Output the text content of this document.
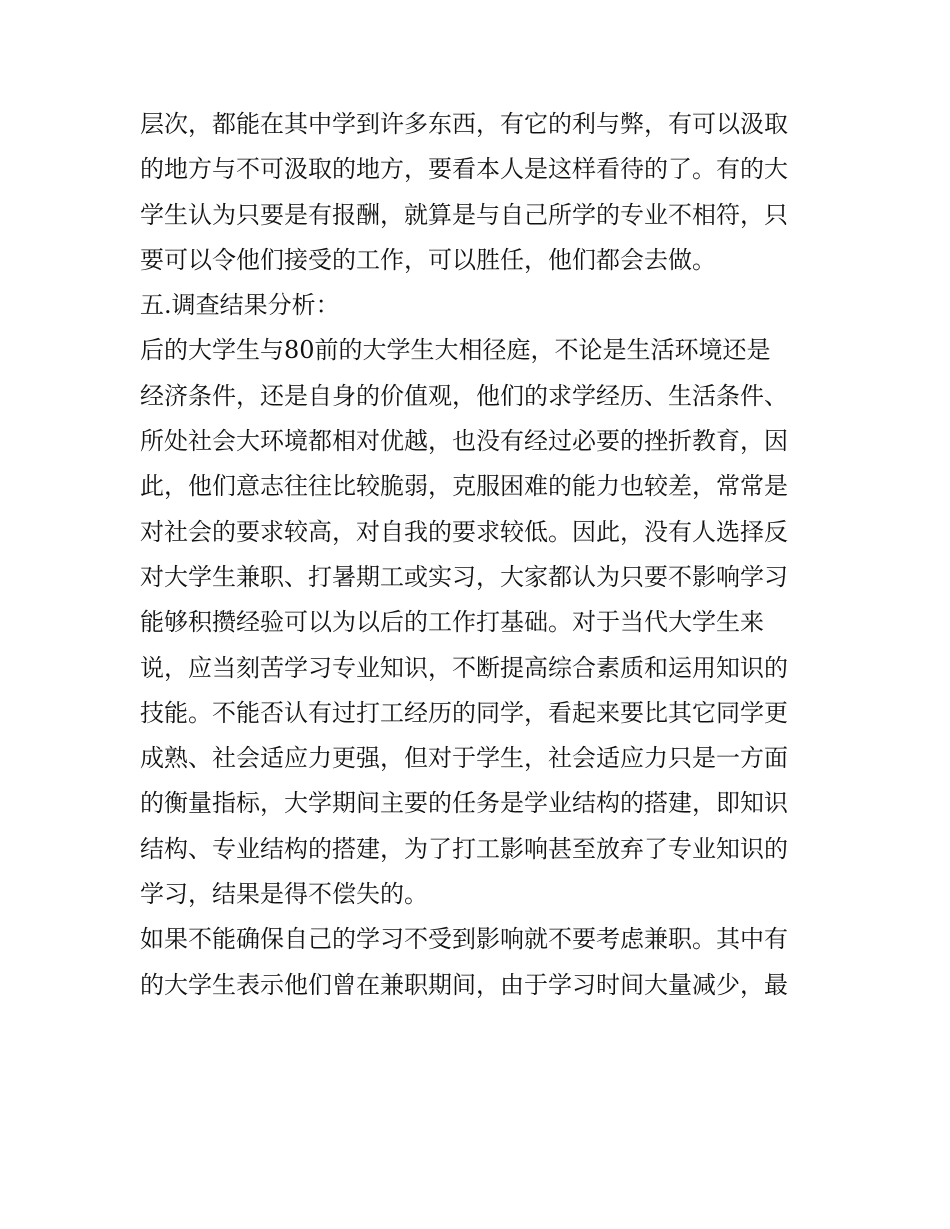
层次，都能在其中学到许多东西，有它的利与弊，有可以汲取
的地方与不可汲取的地方，要看本人是这样看待的了。有的大
学生认为只要是有报酬，就算是与自己所学的专业不相符，只
要可以令他们接受的工作，可以胜任，他们都会去做。
五.调查结果分析：
后的大学生与80前的大学生大相径庭，不论是生活环境还是
经济条件，还是自身的价值观，他们的求学经历、生活条件、
所处社会大环境都相对优越，也没有经过必要的挫折教育，因
此，他们意志往往比较脆弱，克服困难的能力也较差，常常是
对社会的要求较高，对自我的要求较低。因此，没有人选择反
对大学生兼职、打暑期工或实习，大家都认为只要不影响学习
能够积攒经验可以为以后的工作打基础。对于当代大学生来
说，应当刻苦学习专业知识，不断提高综合素质和运用知识的
技能。不能否认有过打工经历的同学，看起来要比其它同学更
成熟、社会适应力更强，但对于学生，社会适应力只是一方面
的衡量指标，大学期间主要的任务是学业结构的搭建，即知识
结构、专业结构的搭建，为了打工影响甚至放弃了专业知识的
学习，结果是得不偿失的。
如果不能确保自己的学习不受到影响就不要考虑兼职。其中有
的大学生表示他们曾在兼职期间，由于学习时间大量减少，最
